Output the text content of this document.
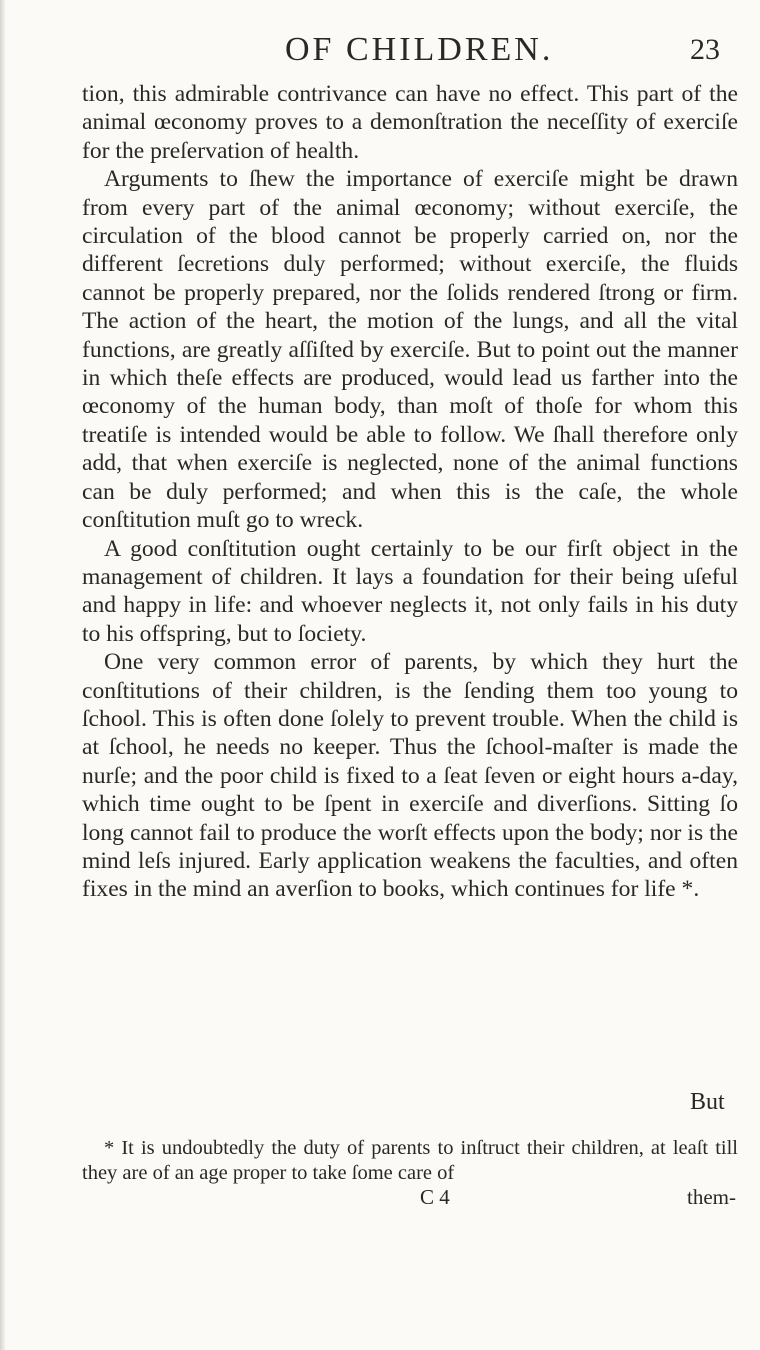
OF CHILDREN.	23

tion, this admirable contrivance can have no effect. This part of the animal œconomy proves to a demonſtration the neceſſity of exerciſe for the preſervation of health.

Arguments to ſhew the importance of exerciſe might be drawn from every part of the animal œconomy; without exerciſe, the circulation of the blood cannot be properly carried on, nor the different ſecretions duly performed; without exerciſe, the fluids cannot be properly prepared, nor the ſolids rendered ſtrong or firm. The action of the heart, the motion of the lungs, and all the vital functions, are greatly aſſiſted by exerciſe. But to point out the manner in which theſe effects are produced, would lead us farther into the œconomy of the human body, than moſt of thoſe for whom this treatiſe is intended would be able to follow. We ſhall therefore only add, that when exerciſe is neglected, none of the animal functions can be duly performed; and when this is the caſe, the whole conſtitution muſt go to wreck.

A good conſtitution ought certainly to be our firſt object in the management of children. It lays a foundation for their being uſeful and happy in life: and whoever neglects it, not only fails in his duty to his offspring, but to ſociety.

One very common error of parents, by which they hurt the conſtitutions of their children, is the ſending them too young to ſchool. This is often done ſolely to prevent trouble. When the child is at ſchool, he needs no keeper. Thus the ſchool-maſter is made the nurſe; and the poor child is fixed to a ſeat ſeven or eight hours a-day, which time ought to be ſpent in exerciſe and diverſions. Sitting ſo long cannot fail to produce the worſt effects upon the body; nor is the mind leſs injured. Early application weakens the faculties, and often fixes in the mind an averſion to books, which continues for life *.

But

* It is undoubtedly the duty of parents to inſtruct their children, at leaſt till they are of an age proper to take ſome care of

C 4	them-
